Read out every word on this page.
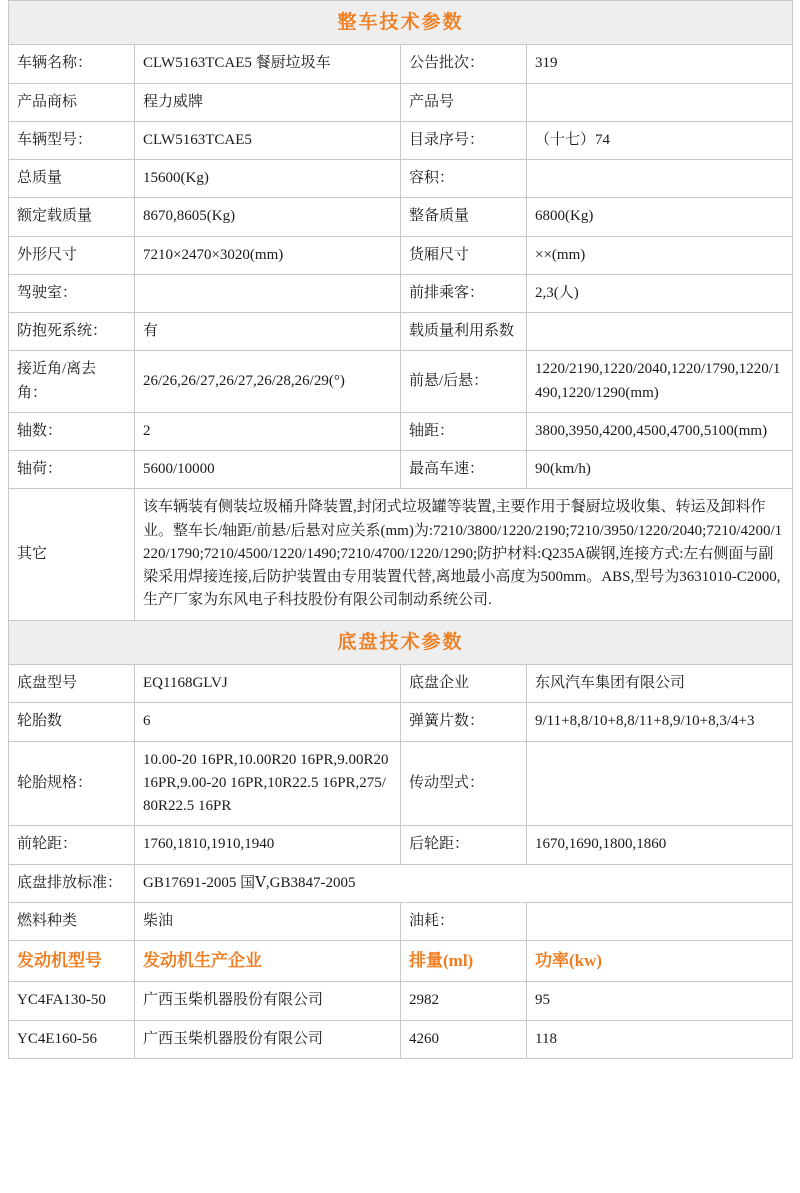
整车技术参数			
车辆名称：	CLW5163TCAE5 餐厨垃圾车	公告批次：	319
产品商标	程力威牌	产品号	
车辆型号：	CLW5163TCAE5	目录序号：	（十七）74
总质量	15600(Kg)	容积：	
额定载质量	8670,8605(Kg)	整备质量	6800(Kg)
外形尺寸	7210×2470×3020(mm)	货厢尺寸	××(mm)
驾驶室：		前排乘客：	2,3(人)
防抱死系统：	有	载质量利用系数	
接近角/离去角：	26/26,26/27,26/27,26/28,26/29(°)	前悬/后悬：	1220/2190,1220/2040,1220/1790,1220/1490,1220/1290(mm)
轴数：	2	轴距：	3800,3950,4200,4500,4700,5100(mm)
轴荷：	5600/10000	最高车速：	90(km/h)
其它	该车辆装有侧装垃圾桶升降装置,封闭式垃圾罐等装置,主要作用于餐厨垃圾收集、转运及卸料作业。整车长/轴距/前悬/后悬对应关系(mm)为:7210/3800/1220/2190;7210/3950/1220/2040;7210/4200/1220/1790;7210/4500/1220/1490;7210/4700/1220/1290;防护材料:Q235A碳钢,连接方式:左右侧面与副梁采用焊接连接,后防护装置由专用装置代替,离地最小高度为500mm。ABS,型号为3631010-C2000,生产厂家为东风电子科技股份有限公司制动系统公司.		
底盘技术参数			
底盘型号	EQ1168GLVJ	底盘企业	东风汽车集团有限公司
轮胎数	6	弹簧片数：	9/11+8,8/10+8,8/11+8,9/10+8,3/4+3
轮胎规格：	10.00-20 16PR,10.00R20 16PR,9.00R20 16PR,9.00-20 16PR,10R22.5 16PR,275/80R22.5 16PR	传动型式：	
前轮距：	1760,1810,1910,1940	后轮距：	1670,1690,1800,1860
底盘排放标准：	GB17691-2005 国Ⅴ,GB3847-2005		
燃料种类	柴油	油耗：	
发动机型号	发动机生产企业	排量(ml)	功率(kw)
YC4FA130-50	广西玉柴机器股份有限公司	2982	95
YC4E160-56	广西玉柴机器股份有限公司	4260	118
